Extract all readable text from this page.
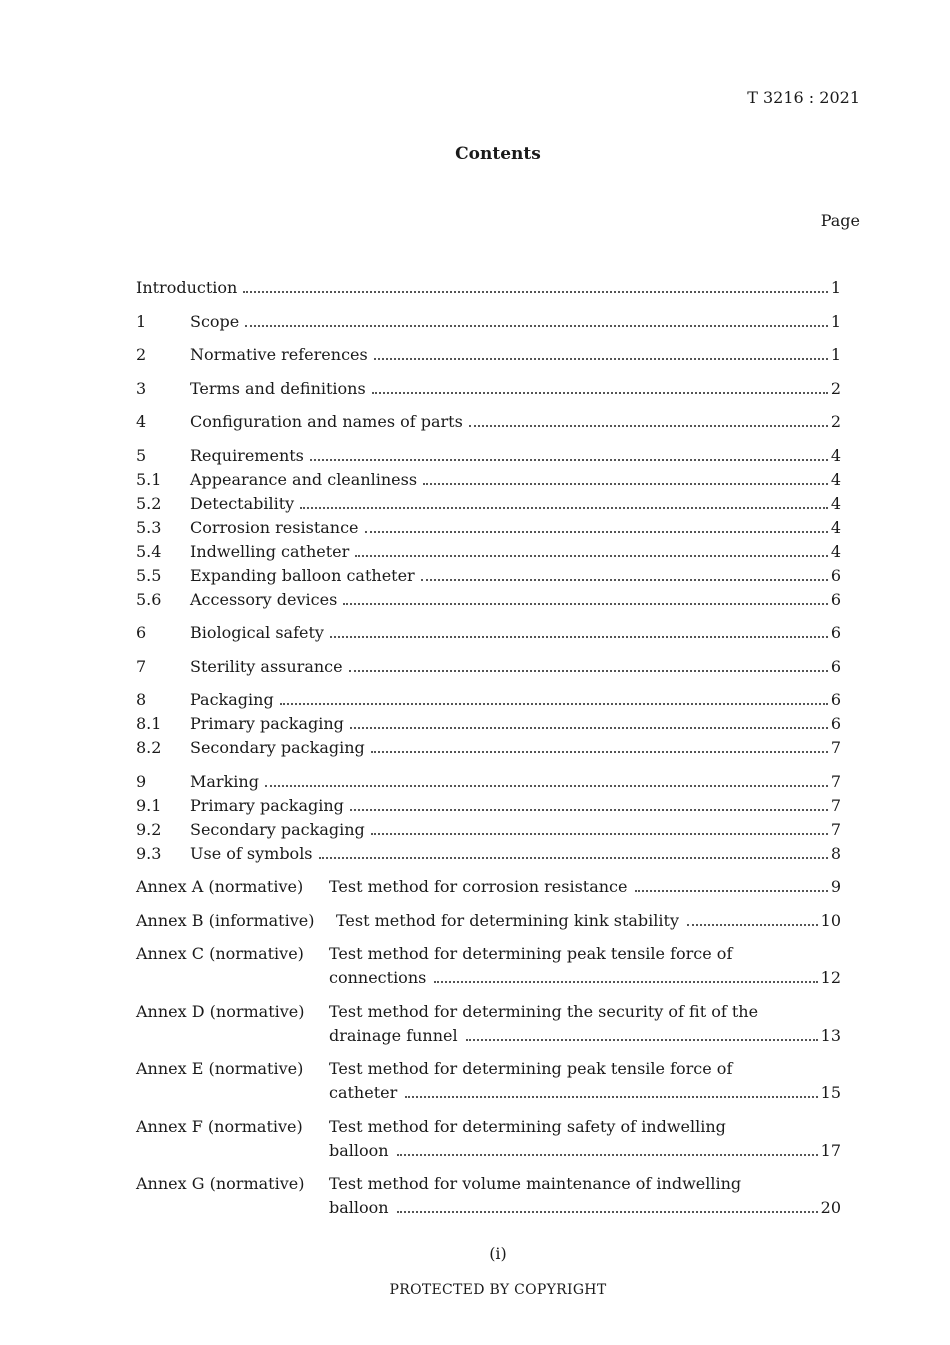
T 3216 : 2021
Contents
Page
Introduction	1
1	Scope	1
2	Normative references	1
3	Terms and definitions	2
4	Configuration and names of parts	2
5	Requirements	4
5.1	Appearance and cleanliness	4
5.2	Detectability	4
5.3	Corrosion resistance	4
5.4	Indwelling catheter	4
5.5	Expanding balloon catheter	6
5.6	Accessory devices	6
6	Biological safety	6
7	Sterility assurance	6
8	Packaging	6
8.1	Primary packaging	6
8.2	Secondary packaging	7
9	Marking	7
9.1	Primary packaging	7
9.2	Secondary packaging	7
9.3	Use of symbols	8
Annex A (normative)	Test method for corrosion resistance	9
Annex B (informative)	Test method for determining kink stability	10
Annex C (normative)	Test method for determining peak tensile force of
connections	12
Annex D (normative)	Test method for determining the security of fit of the
drainage funnel	13
Annex E (normative)	Test method for determining peak tensile force of
catheter	15
Annex F (normative)	Test method for determining safety of indwelling
balloon	17
Annex G (normative)	Test method for volume maintenance of indwelling
balloon	20
(i)
PROTECTED BY COPYRIGHT
